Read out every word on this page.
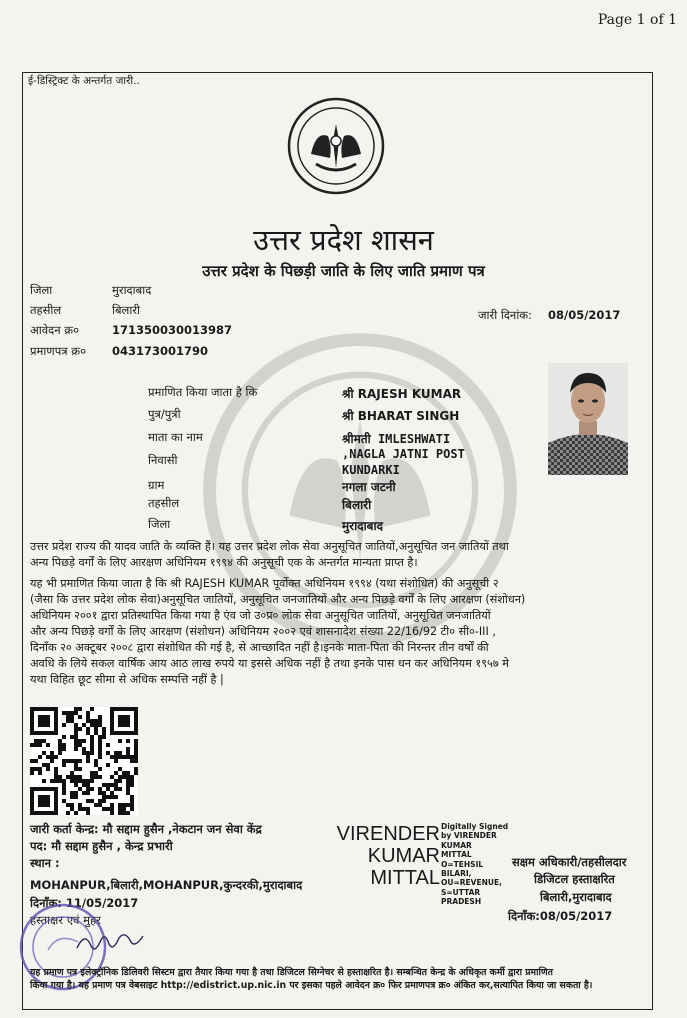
Page 1 of 1
ई-डिस्ट्रिक्ट के अन्तर्गत जारी..
उत्तर प्रदेश शासन
उत्तर प्रदेश के पिछड़ी जाति के लिए जाति प्रमाण पत्र
जिला	मुरादाबाद
तहसील	बिलारी
आवेदन क्र०	171350030013987
प्रमाणपत्र क्र० 043173001790
जारी दिनांक: 08/05/2017
प्रमाणित किया जाता है कि	श्री RAJESH KUMAR
पुत्र/पुत्री	श्री BHARAT SINGH
माता का नाम	श्रीमती IMLESHWATI
निवासी	,NAGLA JATNI POST
KUNDARKI
ग्राम	नगला जटनी
तहसील	बिलारी
जिला	मुरादाबाद
उत्तर प्रदेश राज्य की यादव जाति के व्यक्ति हैं। यह उत्तर प्रदेश लोक सेवा अनुसूचित जातियों,अनुसूचित जन जातियों तथा
अन्य पिछड़े वर्गों के लिए आरक्षण अधिनियम १९९४ की अनुसूची एक के अन्तर्गत मान्यता प्राप्त है।
यह भी प्रमाणित किया जाता है कि श्री RAJESH KUMAR पूर्वोक्त अधिनियम १९९४ (यथा संशोधित) की अनुसूची २
(जैसा कि उत्तर प्रदेश लोक सेवा)अनुसूचित जातियों, अनुसूचित जनजातियों और अन्य पिछड़े वर्गों के लिए आरक्षण (संशोधन)
अधिनियम २००१ द्वारा प्रतिस्थापित किया गया है एंव जो उ०प्र० लोक सेवा अनुसूचित जातियों, अनुसूचित जनजातियों
और अन्य पिछड़े वर्गों के लिए आरक्षण (संशोधन) अधिनियम २००२ एवं शासनादेश संख्या 22/16/92 टी० सी०-III ,
दिनाँक २० अक्टूबर २००८ द्वारा संशोधित की गई है, से आच्छादित नहीं है।इनके माता-पिता की निरन्तर तीन वर्षों की
अवधि के लिये सकल वार्षिक आय आठ लाख रुपये या इससे अधिक नहीं है तथा इनके पास धन कर अधिनियम १९५७ मे
यथा विहित छूट सीमा से अधिक सम्पत्ति नहीं है |
जारी कर्ता केन्द्र: मौ सद्दाम हुसैन ,नेकटान जन सेवा केंद्र
पद: मौ सद्दाम हुसैन , केन्द्र प्रभारी
स्थान :
MOHANPUR,बिलारी,MOHANPUR,कुन्दरकी,मुरादाबाद
दिनाँक: 11/05/2017
हस्ताक्षर एवं मुहर
VIRENDER
KUMAR
MITTAL
Digitally Signed
by VIRENDER
KUMAR
MITTAL
O=TEHSIL
BILARI,
OU=REVENUE,
S=UTTAR
PRADESH
सक्षम अधिकारी/तहसीलदार
डिजिटल हस्ताक्षरित
बिलारी,मुरादाबाद
दिनाँक:08/05/2017
यह प्रमाण पत्र इलेक्ट्रॉनिक डिलिवरी सिस्टम द्वारा तैयार किया गया है तथा डिजिटल सिग्नेचर से हस्ताक्षरित है। सम्बन्धित केन्द्र के अधिकृत कर्मी द्वारा प्रमाणित
किया गया है। यह प्रमाण पत्र वेबसाइट http://edistrict.up.nic.in पर इसका पहले आवेदन क्र० फिर प्रमाणपत्र क्र० अंकित कर,सत्यापित किया जा सकता है।
